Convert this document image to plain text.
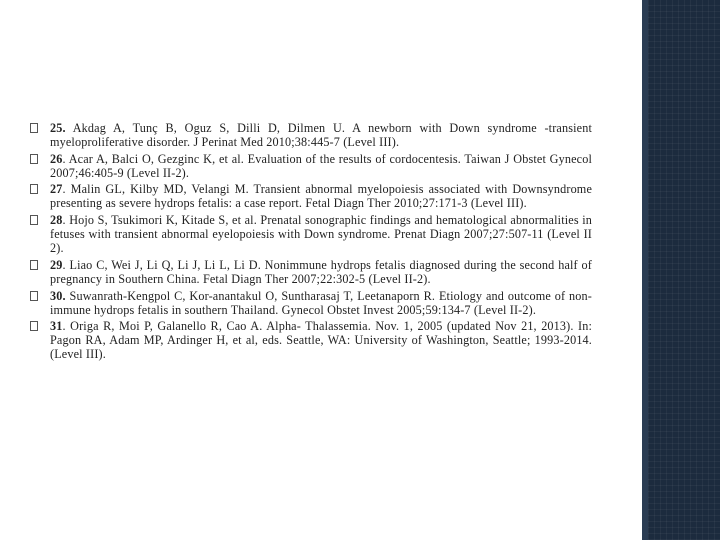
25. Akdag A, Tunç B, Oguz S, Dilli D, Dilmen U. A newborn with Down syndrome -transient myeloproliferative disorder. J Perinat Med 2010;38:445-7 (Level III).
26. Acar A, Balci O, Gezginc K, et al. Evaluation of the results of cordocentesis. Taiwan J Obstet Gynecol 2007;46:405-9 (Level II-2).
27. Malin GL, Kilby MD, Velangi M. Transient abnormal myelopoiesis associated with Downsyndrome presenting as severe hydrops fetalis: a case report. Fetal Diagn Ther 2010;27:171-3 (Level III).
28. Hojo S, Tsukimori K, Kitade S, et al. Prenatal sonographic findings and hematological abnormalities in fetuses with transient abnormal eyelopoiesis with Down syndrome. Prenat Diagn 2007;27:507-11 (Level II 2).
29. Liao C, Wei J, Li Q, Li J, Li L, Li D. Nonimmune hydrops fetalis diagnosed during the second half of pregnancy in Southern China. Fetal Diagn Ther 2007;22:302-5 (Level II-2).
30. Suwanrath-Kengpol C, Kor-anantakul O, Suntharasaj T, Leetanaporn R. Etiology and outcome of non-immune hydrops fetalis in southern Thailand. Gynecol Obstet Invest 2005;59:134-7 (Level II-2).
31. Origa R, Moi P, Galanello R, Cao A. Alpha- Thalassemia. Nov. 1, 2005 (updated Nov 21, 2013). In: Pagon RA, Adam MP, Ardinger H, et al, eds. Seattle, WA: University of Washington, Seattle; 1993-2014. (Level III).
